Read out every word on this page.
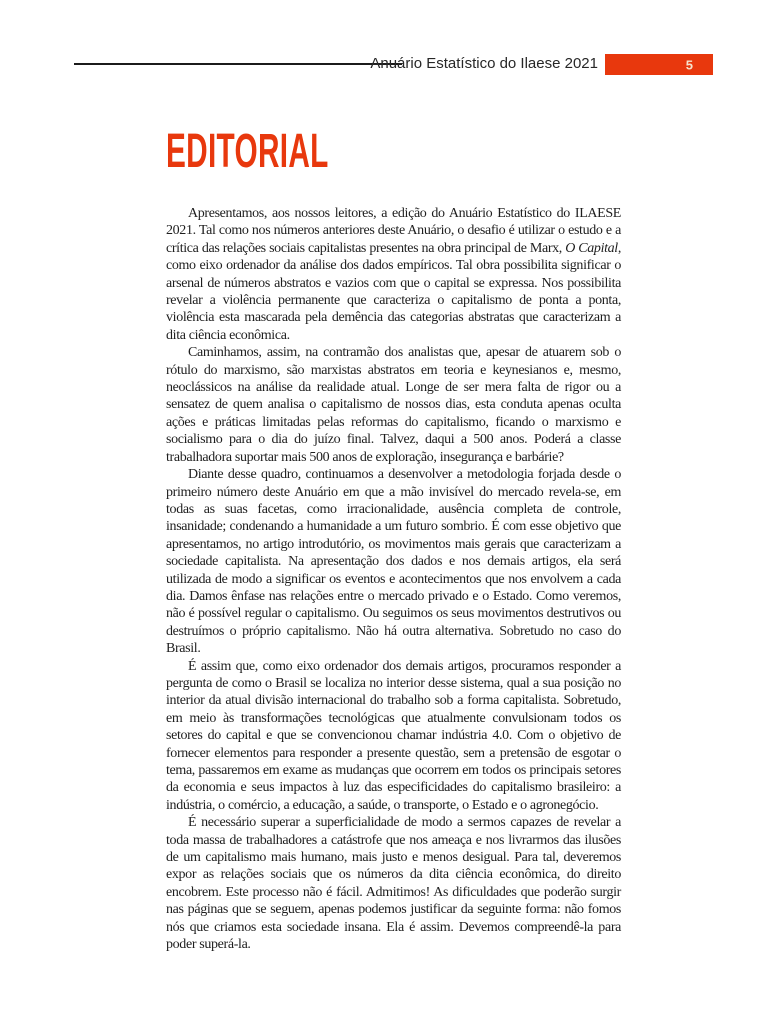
Anuário Estatístico do Ilaese 2021	5
EDITORIAL

Apresentamos, aos nossos leitores, a edição do Anuário Estatístico do ILAESE 2021. Tal como nos números anteriores deste Anuário, o desafio é utilizar o estudo e a crítica das relações sociais capitalistas presentes na obra principal de Marx, O Capital, como eixo ordenador da análise dos dados empíricos. Tal obra possibilita significar o arsenal de números abstratos e vazios com que o capital se expressa. Nos possibilita revelar a violência permanente que caracteriza o capitalismo de ponta a ponta, violência esta mascarada pela demência das categorias abstratas que caracterizam a dita ciência econômica.

Caminhamos, assim, na contramão dos analistas que, apesar de atuarem sob o rótulo do marxismo, são marxistas abstratos em teoria e keynesianos e, mesmo, neoclássicos na análise da realidade atual. Longe de ser mera falta de rigor ou a sensatez de quem analisa o capitalismo de nossos dias, esta conduta apenas oculta ações e práticas limitadas pelas reformas do capitalismo, ficando o marxismo e socialismo para o dia do juízo final. Talvez, daqui a 500 anos. Poderá a classe trabalhadora suportar mais 500 anos de exploração, insegurança e barbárie?

Diante desse quadro, continuamos a desenvolver a metodologia forjada desde o primeiro número deste Anuário em que a mão invisível do mercado revela-se, em todas as suas facetas, como irracionalidade, ausência completa de controle, insanidade; condenando a humanidade a um futuro sombrio. É com esse objetivo que apresentamos, no artigo introdutório, os movimentos mais gerais que caracterizam a sociedade capitalista. Na apresentação dos dados e nos demais artigos, ela será utilizada de modo a significar os eventos e acontecimentos que nos envolvem a cada dia. Damos ênfase nas relações entre o mercado privado e o Estado. Como veremos, não é possível regular o capitalismo. Ou seguimos os seus movimentos destrutivos ou destruímos o próprio capitalismo. Não há outra alternativa. Sobretudo no caso do Brasil.

É assim que, como eixo ordenador dos demais artigos, procuramos responder a pergunta de como o Brasil se localiza no interior desse sistema, qual a sua posição no interior da atual divisão internacional do trabalho sob a forma capitalista. Sobretudo, em meio às transformações tecnológicas que atualmente convulsionam todos os setores do capital e que se convencionou chamar indústria 4.0. Com o objetivo de fornecer elementos para responder a presente questão, sem a pretensão de esgotar o tema, passaremos em exame as mudanças que ocorrem em todos os principais setores da economia e seus impactos à luz das especificidades do capitalismo brasileiro: a indústria, o comércio, a educação, a saúde, o transporte, o Estado e o agronegócio.

É necessário superar a superficialidade de modo a sermos capazes de revelar a toda massa de trabalhadores a catástrofe que nos ameaça e nos livrarmos das ilusões de um capitalismo mais humano, mais justo e menos desigual. Para tal, deveremos expor as relações sociais que os números da dita ciência econômica, do direito encobrem. Este processo não é fácil. Admitimos! As dificuldades que poderão surgir nas páginas que se seguem, apenas podemos justificar da seguinte forma: não fomos nós que criamos esta sociedade insana. Ela é assim. Devemos compreendê-la para poder superá-la.
